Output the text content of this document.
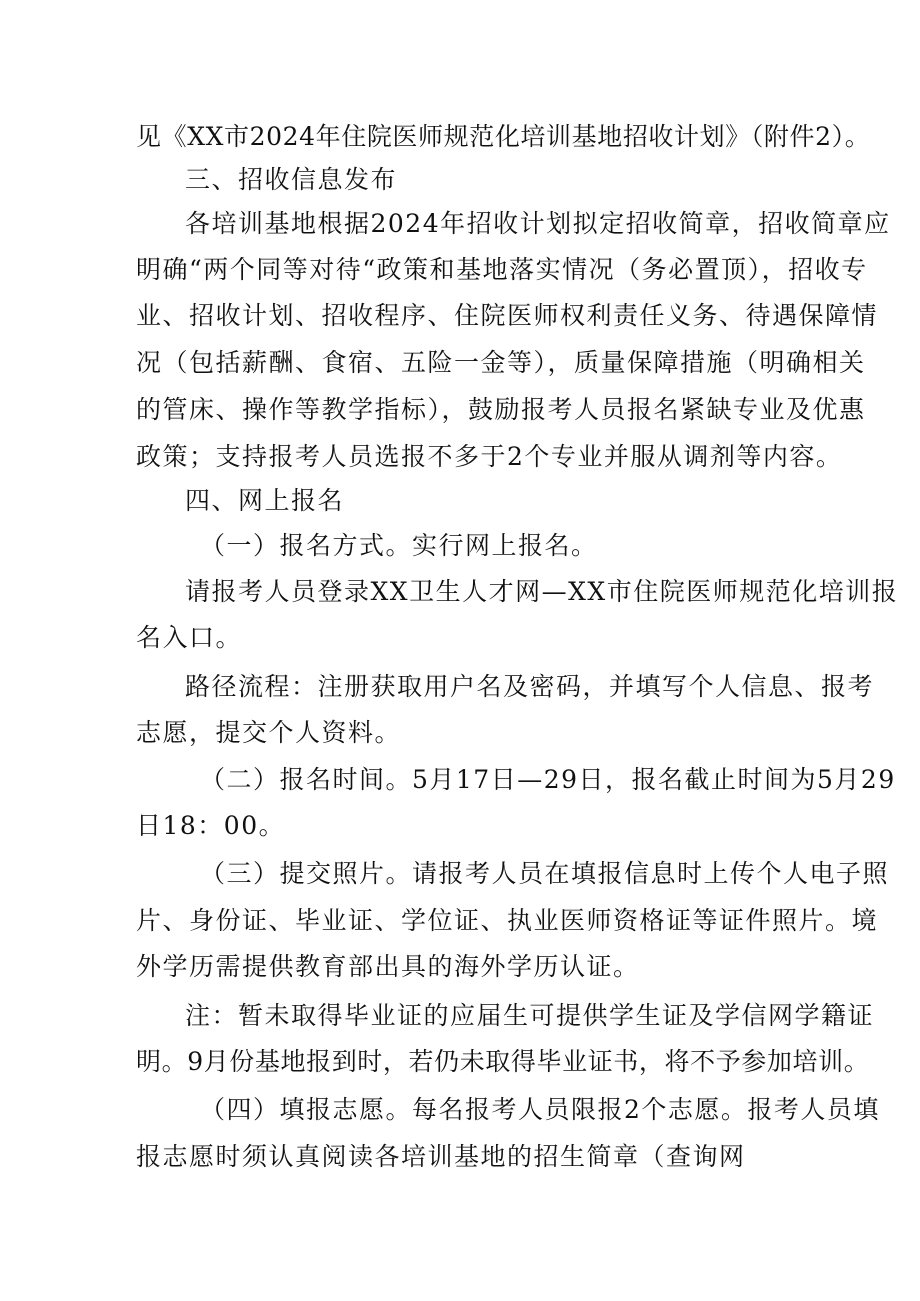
见《XX市2024年住院医师规范化培训基地招收计划》（附件2）。
三、招收信息发布
各培训基地根据2024年招收计划拟定招收简章，招收简章应
明确“两个同等对待“政策和基地落实情况（务必置顶），招收专
业、招收计划、招收程序、住院医师权利责任义务、待遇保障情
况（包括薪酬、食宿、五险一金等），质量保障措施（明确相关
的管床、操作等教学指标），鼓励报考人员报名紧缺专业及优惠
政策；支持报考人员选报不多于2个专业并服从调剂等内容。
四、网上报名
（一）报名方式。实行网上报名。
请报考人员登录XX卫生人才网—XX市住院医师规范化培训报
名入口。
路径流程：注册获取用户名及密码，并填写个人信息、报考
志愿，提交个人资料。
（二）报名时间。5月17日—29日，报名截止时间为5月29
日18：00。
（三）提交照片。请报考人员在填报信息时上传个人电子照
片、身份证、毕业证、学位证、执业医师资格证等证件照片。境
外学历需提供教育部出具的海外学历认证。
注：暂未取得毕业证的应届生可提供学生证及学信网学籍证
明。9月份基地报到时，若仍未取得毕业证书，将不予参加培训。
（四）填报志愿。每名报考人员限报2个志愿。报考人员填
报志愿时须认真阅读各培训基地的招生简章（查询网
